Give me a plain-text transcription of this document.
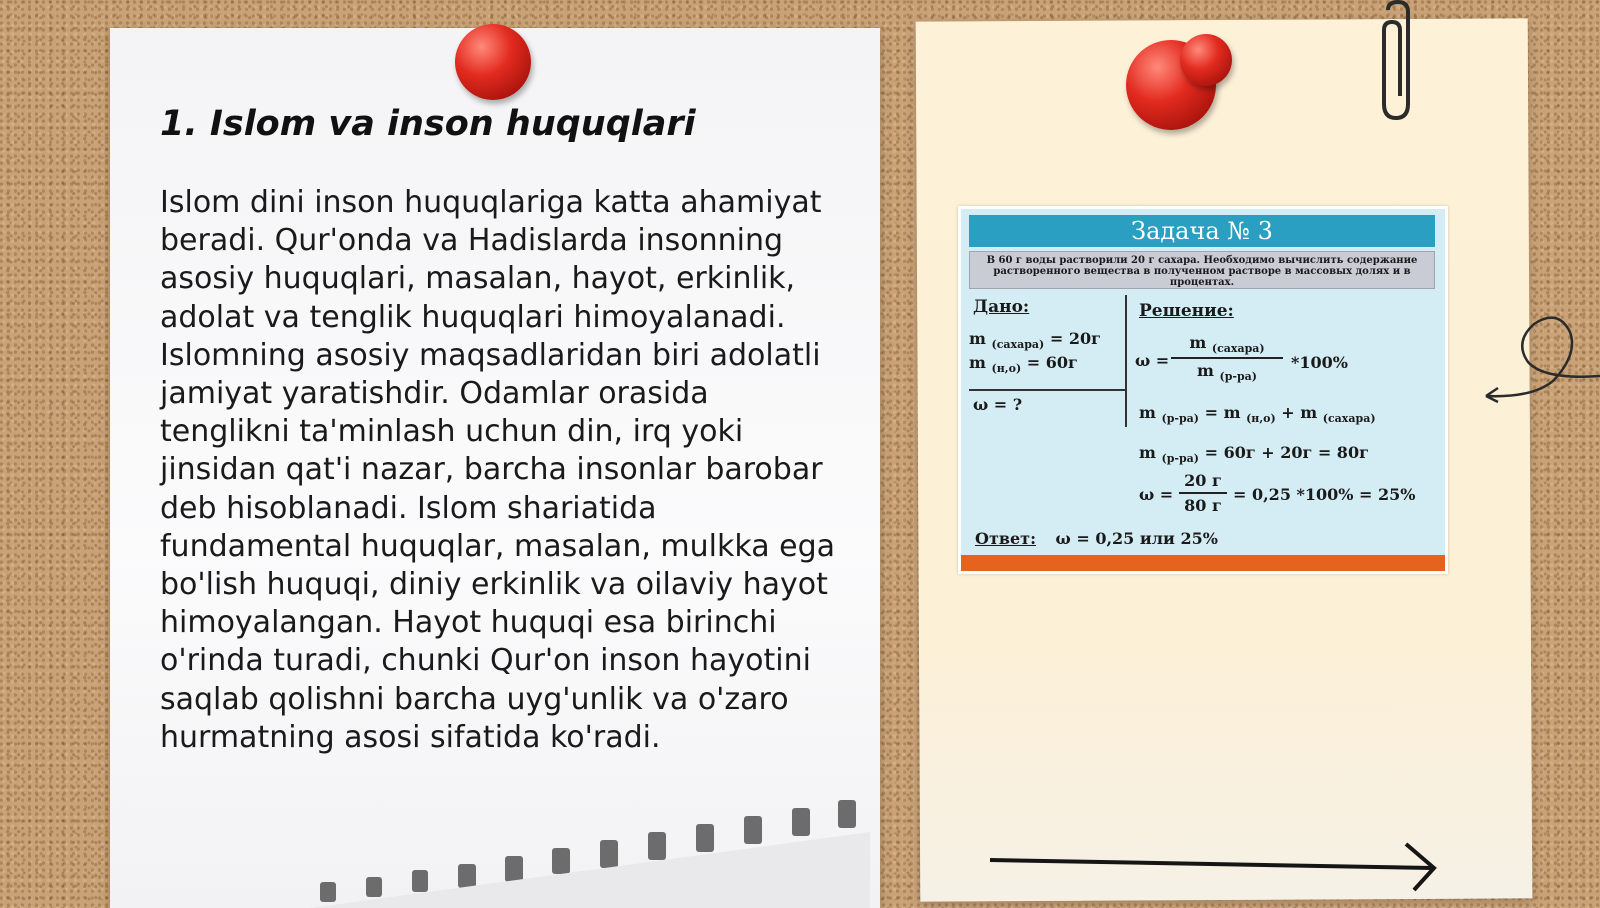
1. Islom va inson huquqlari

Islom dini inson huquqlariga katta ahamiyat beradi. Qur'onda va Hadislarda insonning asosiy huquqlari, masalan, hayot, erkinlik, adolat va tenglik huquqlari himoyalanadi. Islomning asosiy maqsadlaridan biri adolatli jamiyat yaratishdir. Odamlar orasida tenglikni ta'minlash uchun din, irq yoki jinsidan qat'i nazar, barcha insonlar barobar deb hisoblanadi. Islom shariatida fundamental huquqlar, masalan, mulkka ega bo'lish huquqi, diniy erkinlik va oilaviy hayot himoyalangan. Hayot huquqi esa birinchi o'rinda turadi, chunki Qur'on inson hayotini saqlab qolishni barcha uyg'unlik va o'zaro hurmatning asosi sifatida ko'radi.

Задача № 3
В 60 г воды растворили 20 г сахара. Необходимо вычислить содержание растворенного вещества в полученном растворе в массовых долях и в процентах.
Дано:	Решение:
m $_{(сахара)}$ = 20г
m $_{(н,о)}$ = 60г
ω = ?
ω =
m $_{(сахара)}$
m $_{(р-ра)}$
*100%
m $_{(р-ра)}$ = m $_{(н,о)}$ + m $_{(сахара)}$
m $_{(р-ра)}$ = 60г + 20г = 80г
ω =
20 г
80 г
= 0,25 *100% = 25%
Ответ: ω = 0,25 или 25%
